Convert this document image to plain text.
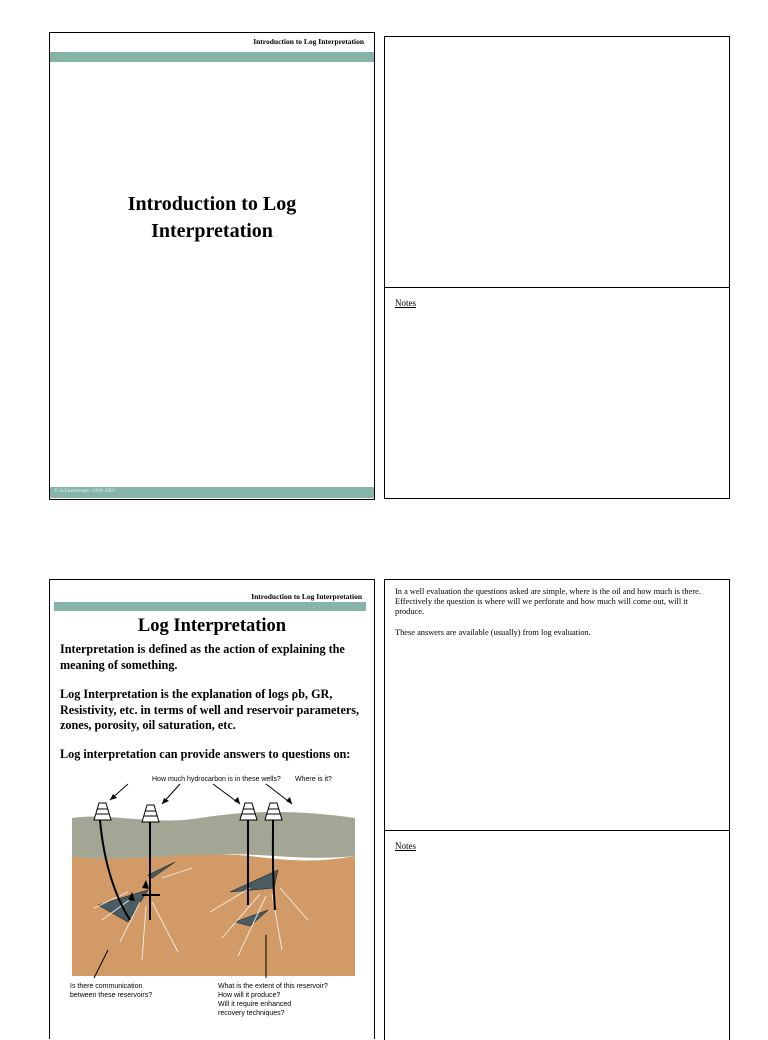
Introduction to Log Interpretation
Introduction to Log
Interpretation
© Schlumberger 1999-2001
Notes
Introduction to Log Interpretation
Log Interpretation
Interpretation is defined as the action of explaining the meaning of something.
Log Interpretation is the explanation of logs ρb, GR, Resistivity, etc. in terms of well and reservoir parameters, zones, porosity, oil saturation, etc.
Log interpretation can provide answers to questions on:
How much hydrocarbon is in these wells? Where is it?
Is there communication
between these reservoirs?
What is the extent of this reservoir?
How will it produce?
Will it require enhanced
recovery techniques?
In a well evaluation the questions asked are simple, where is the oil and how much is there. Effectively the question is where will we perforate and how much will come out, will it produce.
These answers are available (usually) from log evaluation.
Notes
